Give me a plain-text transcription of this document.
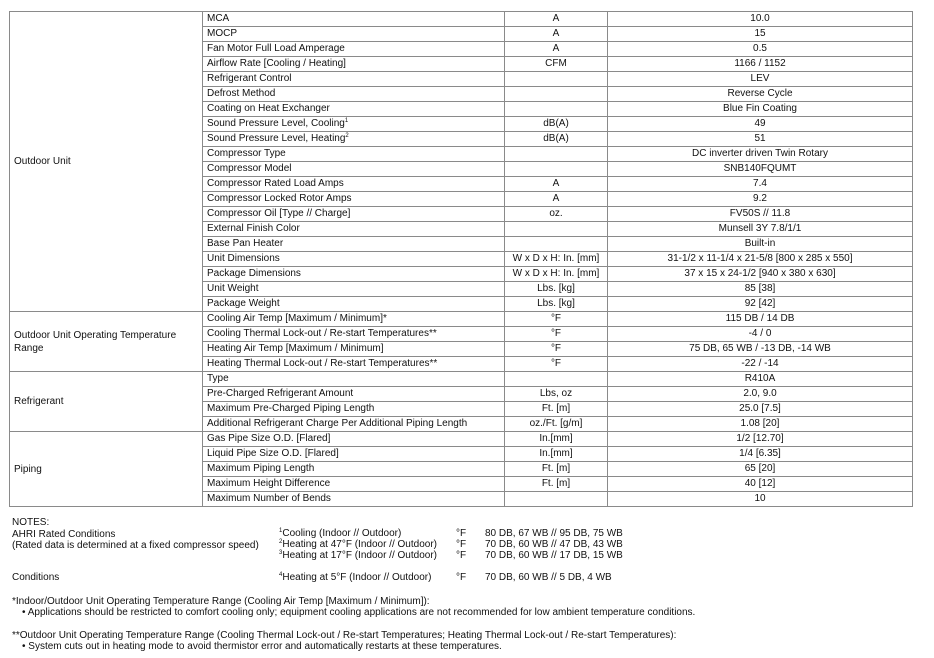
Outdoor Unit	MCA	A	10.0
	MOCP	A	15
	Fan Motor Full Load Amperage	A	0.5
	Airflow Rate [Cooling / Heating]	CFM	1166 / 1152
	Refrigerant Control		LEV
	Defrost Method		Reverse Cycle
	Coating on Heat Exchanger		Blue Fin Coating
	Sound Pressure Level, Cooling$^1$	dB(A)	49
	Sound Pressure Level, Heating$^2$	dB(A)	51
	Compressor Type		DC inverter driven Twin Rotary
	Compressor Model		SNB140FQUMT
	Compressor Rated Load Amps	A	7.4
	Compressor Locked Rotor Amps	A	9.2
	Compressor Oil [Type // Charge]	oz.	FV50S // 11.8
	External Finish Color		Munsell 3Y 7.8/1/1
	Base Pan Heater		Built-in
	Unit Dimensions	W x D x H: In. [mm]	31-1/2 x 11-1/4 x 21-5/8 [800 x 285 x 550]
	Package Dimensions	W x D x H: In. [mm]	37 x 15 x 24-1/2 [940 x 380 x 630]
	Unit Weight	Lbs. [kg]	85 [38]
	Package Weight	Lbs. [kg]	92 [42]
Outdoor Unit Operating Temperature Range	Cooling Air Temp [Maximum / Minimum]*	°F	115 DB / 14 DB
	Cooling Thermal Lock-out / Re-start Temperatures**	°F	-4 / 0
	Heating Air Temp [Maximum / Minimum]	°F	75 DB, 65 WB / -13 DB, -14 WB
	Heating Thermal Lock-out / Re-start Temperatures**	°F	-22 / -14
Refrigerant	Type		R410A
	Pre-Charged Refrigerant Amount	Lbs, oz	2.0, 9.0
	Maximum Pre-Charged Piping Length	Ft. [m]	25.0 [7.5]
	Additional Refrigerant Charge Per Additional Piping Length	oz./Ft. [g/m]	1.08 [20]
Piping	Gas Pipe Size O.D. [Flared]	In.[mm]	1/2 [12.70]
	Liquid Pipe Size O.D. [Flared]	In.[mm]	1/4 [6.35]
	Maximum Piping Length	Ft. [m]	65 [20]
	Maximum Height Difference	Ft. [m]	40 [12]
	Maximum Number of Bends		10
NOTES:
AHRI Rated Conditions
(Rated data is determined at a fixed compressor speed)
$^1$Cooling (Indoor // Outdoor)	°F 80 DB, 67 WB // 95 DB, 75 WB
$^2$Heating at 47°F (Indoor // Outdoor) °F 70 DB, 60 WB // 47 DB, 43 WB
$^3$Heating at 17°F (Indoor // Outdoor) °F 70 DB, 60 WB // 17 DB, 15 WB
$^4$Heating at 5°F (Indoor // Outdoor) °F 70 DB, 60 WB // 5 DB, 4 WB
Conditions
*Indoor/Outdoor Unit Operating Temperature Range (Cooling Air Temp [Maximum / Minimum]):
• Applications should be restricted to comfort cooling only; equipment cooling applications are not recommended for low ambient temperature conditions.
**Outdoor Unit Operating Temperature Range (Cooling Thermal Lock-out / Re-start Temperatures; Heating Thermal Lock-out / Re-start Temperatures):
• System cuts out in heating mode to avoid thermistor error and automatically restarts at these temperatures.
